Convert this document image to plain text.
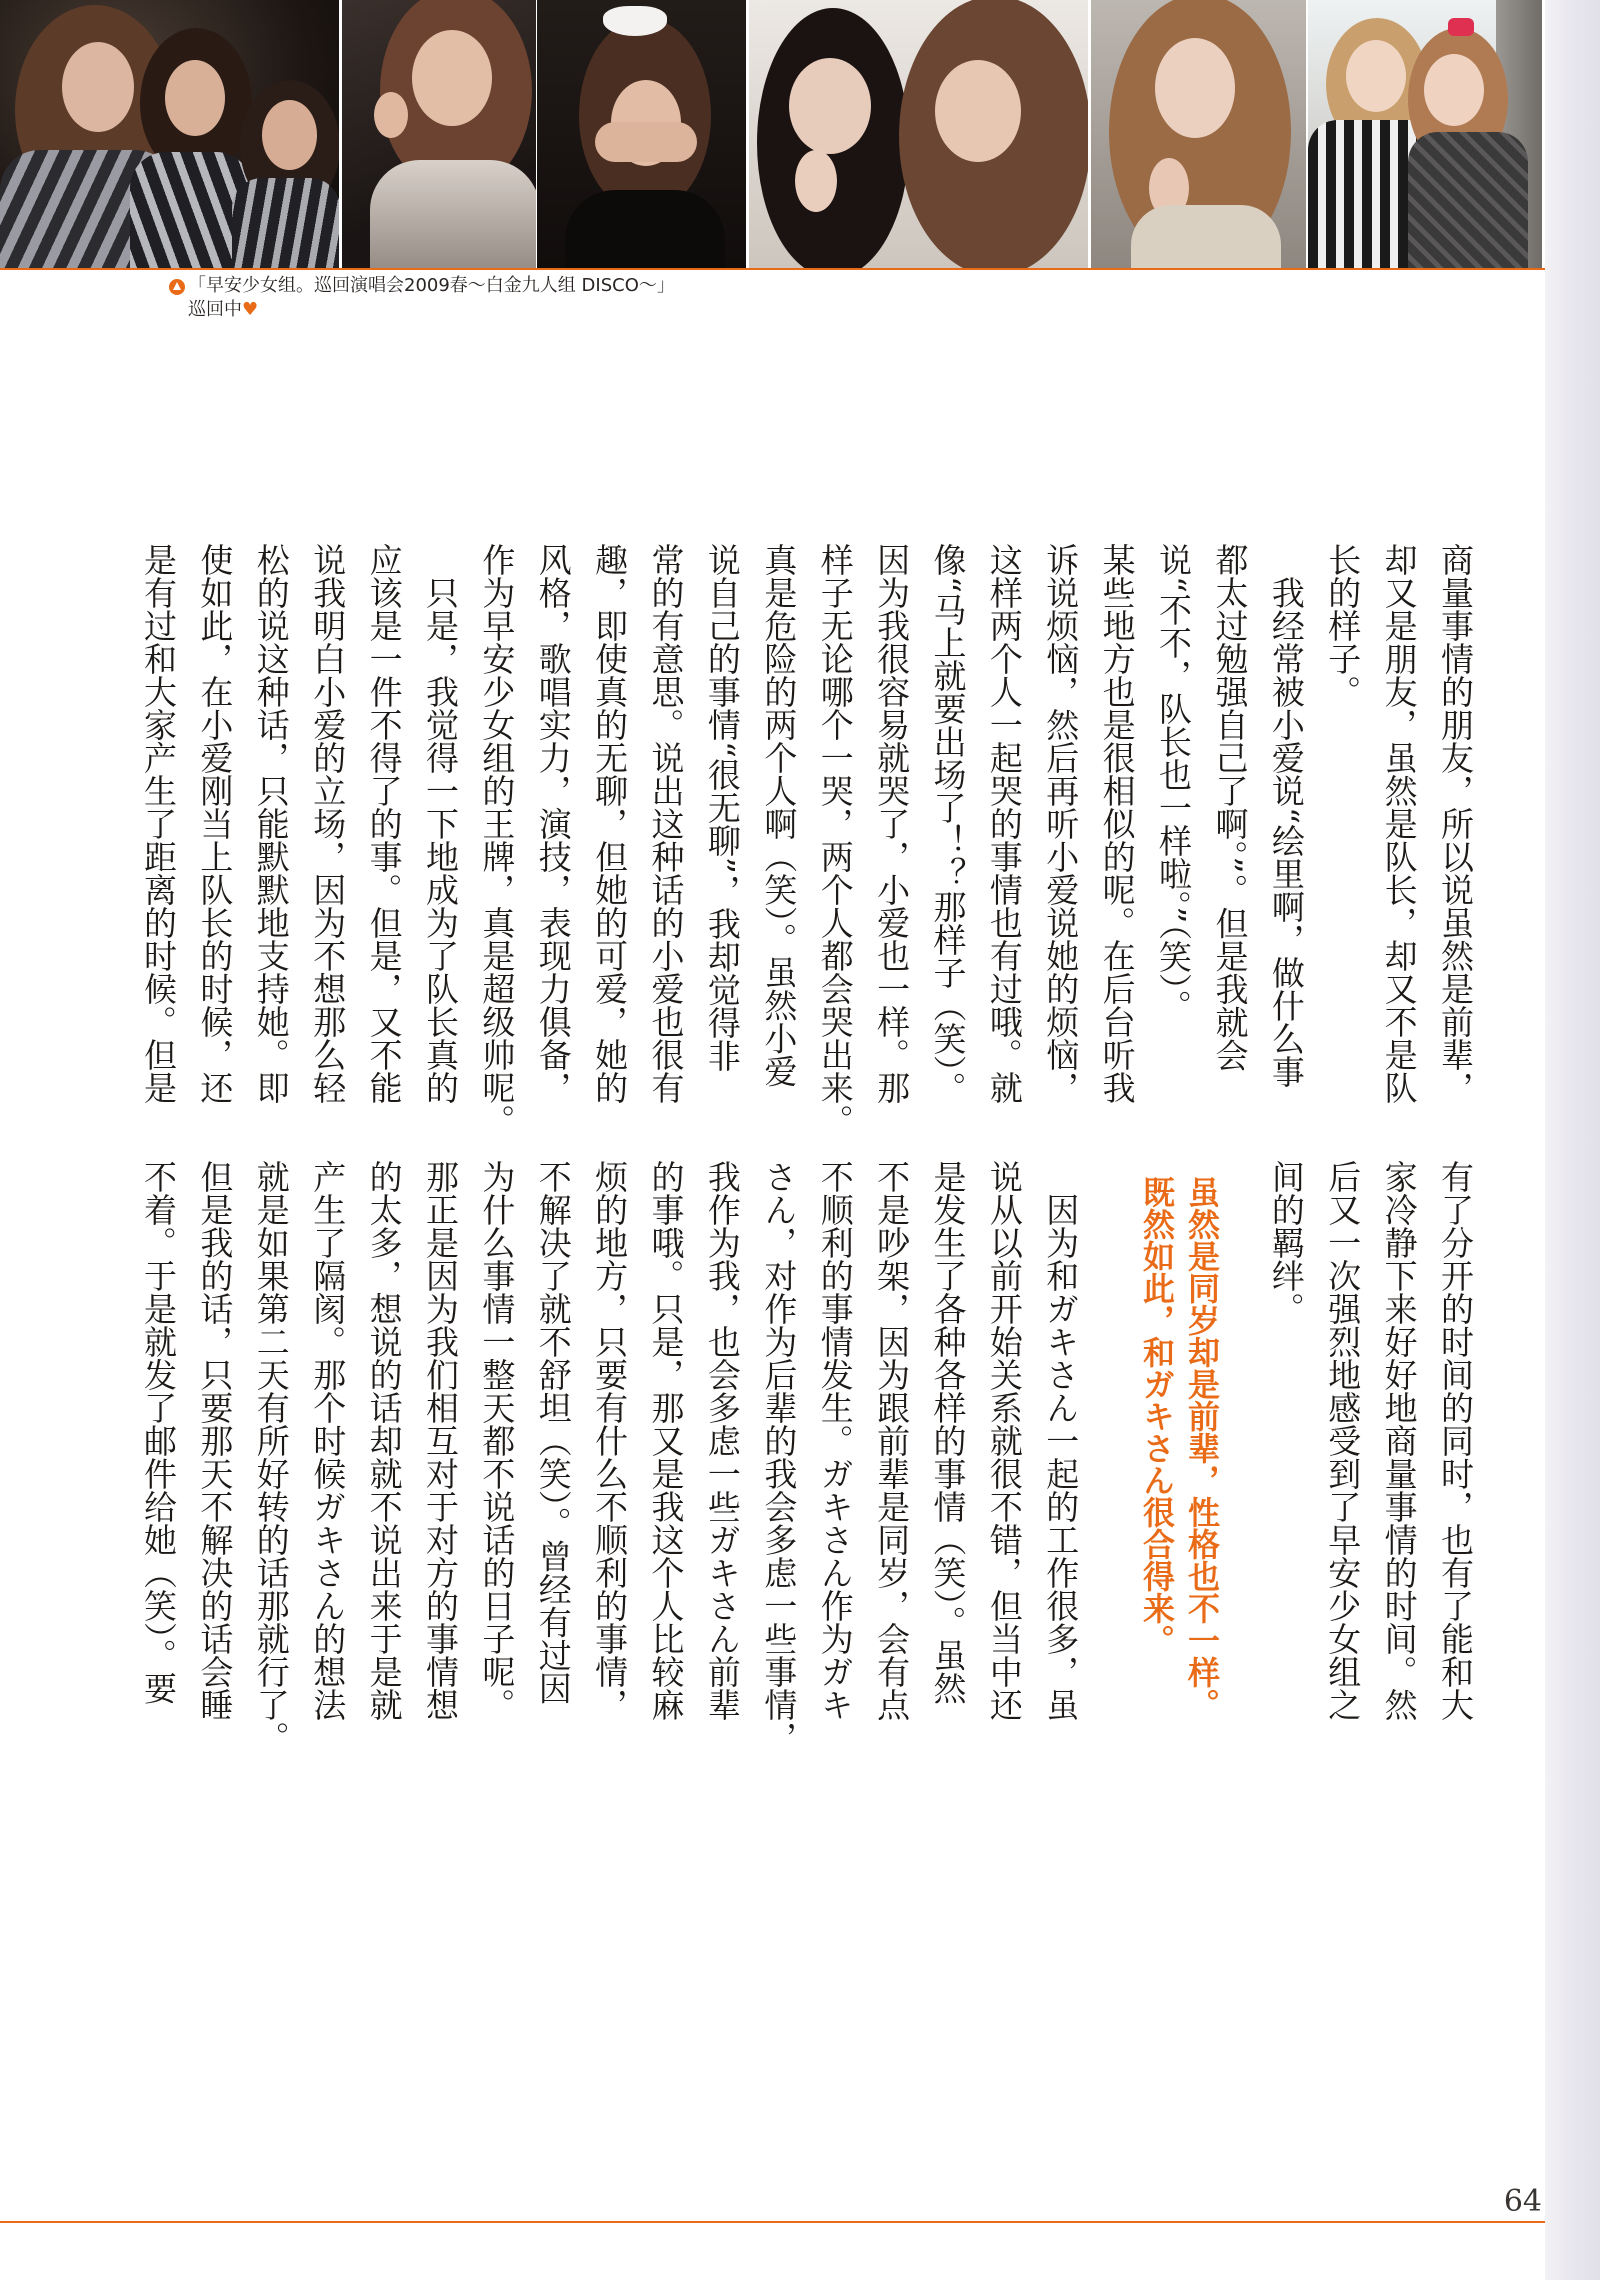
「早安少女组。巡回演唱会2009春～白金九人组 DISCO～」
巡回中♥
商量事情的朋友，所以说虽然是前辈，
却又是朋友，虽然是队长，却又不是队
长的样子。
　我经常被小爱说“绘里啊，做什么事
都太过勉强自己了啊。”。但是我就会
说“不不，队长也一样啦。”（笑）。
某些地方也是很相似的呢。在后台听我
诉说烦恼，然后再听小爱说她的烦恼，
这样两个人一起哭的事情也有过哦。就
像“马上就要出场了！？那样子（笑）。
因为我很容易就哭了，小爱也一样。那
样子无论哪个一哭，两个人都会哭出来。
真是危险的两个人啊（笑）。虽然小爱
说自己的事情“很无聊”，我却觉得非
常的有意思。说出这种话的小爱也很有
趣，即使真的无聊，但她的可爱，她的
风格，歌唱实力，演技，表现力俱备，
作为早安少女组的王牌，真是超级帅呢。
　只是，我觉得一下地成为了队长真的
应该是一件不得了的事。但是，又不能
说我明白小爱的立场，因为不想那么轻
松的说这种话，只能默默地支持她。即
使如此，在小爱刚当上队长的时候，还
是有过和大家产生了距离的时候。但是
有了分开的时间的同时，也有了能和大
家冷静下来好好地商量事情的时间。然
后又一次强烈地感受到了早安少女组之
间的羁绊。
　因为和ガキさん一起的工作很多，虽
说从以前开始关系就很不错，但当中还
是发生了各种各样的事情（笑）。虽然
不是吵架，因为跟前辈是同岁，会有点
不顺利的事情发生。ガキさん作为ガキ
さん，对作为后辈的我会多虑一些事情，
我作为我，也会多虑一些ガキさん前辈
的事哦。只是，那又是我这个人比较麻
烦的地方，只要有什么不顺利的事情，
不解决了就不舒坦（笑）。曾经有过因
为什么事情一整天都不说话的日子呢。
那正是因为我们相互对于对方的事情想
的太多，想说的话却就不说出来于是就
产生了隔阂。那个时候ガキさん的想法
就是如果第二天有所好转的话那就行了。
但是我的话，只要那天不解决的话会睡
不着。于是就发了邮件给她（笑）。要	虽然是同岁却是前辈，性格也不一样。
既然如此，和ガキさん很合得来。
64
